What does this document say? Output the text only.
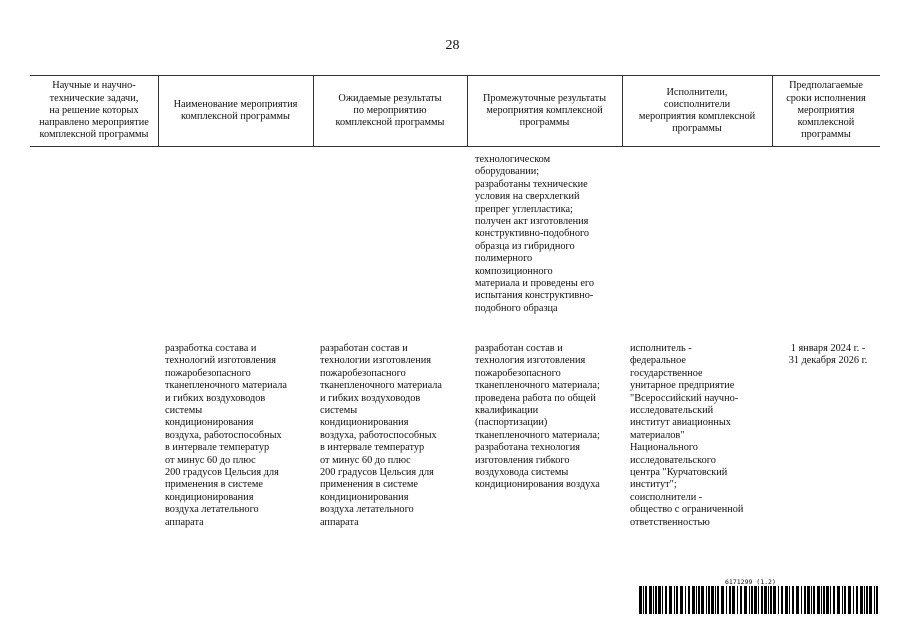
28
Научные и научно-
технические задачи,
на решение которых
направлено мероприятие
комплексной программы
Наименование мероприятия
комплексной программы
Ожидаемые результаты
по мероприятию
комплексной программы
Промежуточные результаты
мероприятия комплексной
программы
Исполнители,
соисполнители
мероприятия комплексной
программы
Предполагаемые
сроки исполнения
мероприятия
комплексной
программы
технологическом
оборудовании;
разработаны технические
условия на сверхлегкий
препрег углепластика;
получен акт изготовления
конструктивно-подобного
образца из гибридного
полимерного
композиционного
материала и проведены его
испытания конструктивно-
подобного образца
разработка состава и
технологий изготовления
пожаробезопасного
тканепленочного материала
и гибких воздуховодов
системы
кондиционирования
воздуха, работоспособных
в интервале температур
от минус 60 до плюс
200 градусов Цельсия для
применения в системе
кондиционирования
воздуха летательного
аппарата
разработан состав и
технологии изготовления
пожаробезопасного
тканепленочного материала
и гибких воздуховодов
системы
кондиционирования
воздуха, работоспособных
в интервале температур
от минус 60 до плюс
200 градусов Цельсия для
применения в системе
кондиционирования
воздуха летательного
аппарата
разработан состав и
технология изготовления
пожаробезопасного
тканепленочного материала;
проведена работа по общей
квалификации
(паспортизации)
тканепленочного материала;
разработана технология
изготовления гибкого
воздуховода системы
кондиционирования воздуха
исполнитель -
федеральное
государственное
унитарное предприятие
"Всероссийский научно-
исследовательский
институт авиационных
материалов"
Национального
исследовательского
центра "Курчатовский
институт";
соисполнители -
общество с ограниченной
ответственностью
1 января 2024 г. -
31 декабря 2026 г.
6171299 (1.2)
